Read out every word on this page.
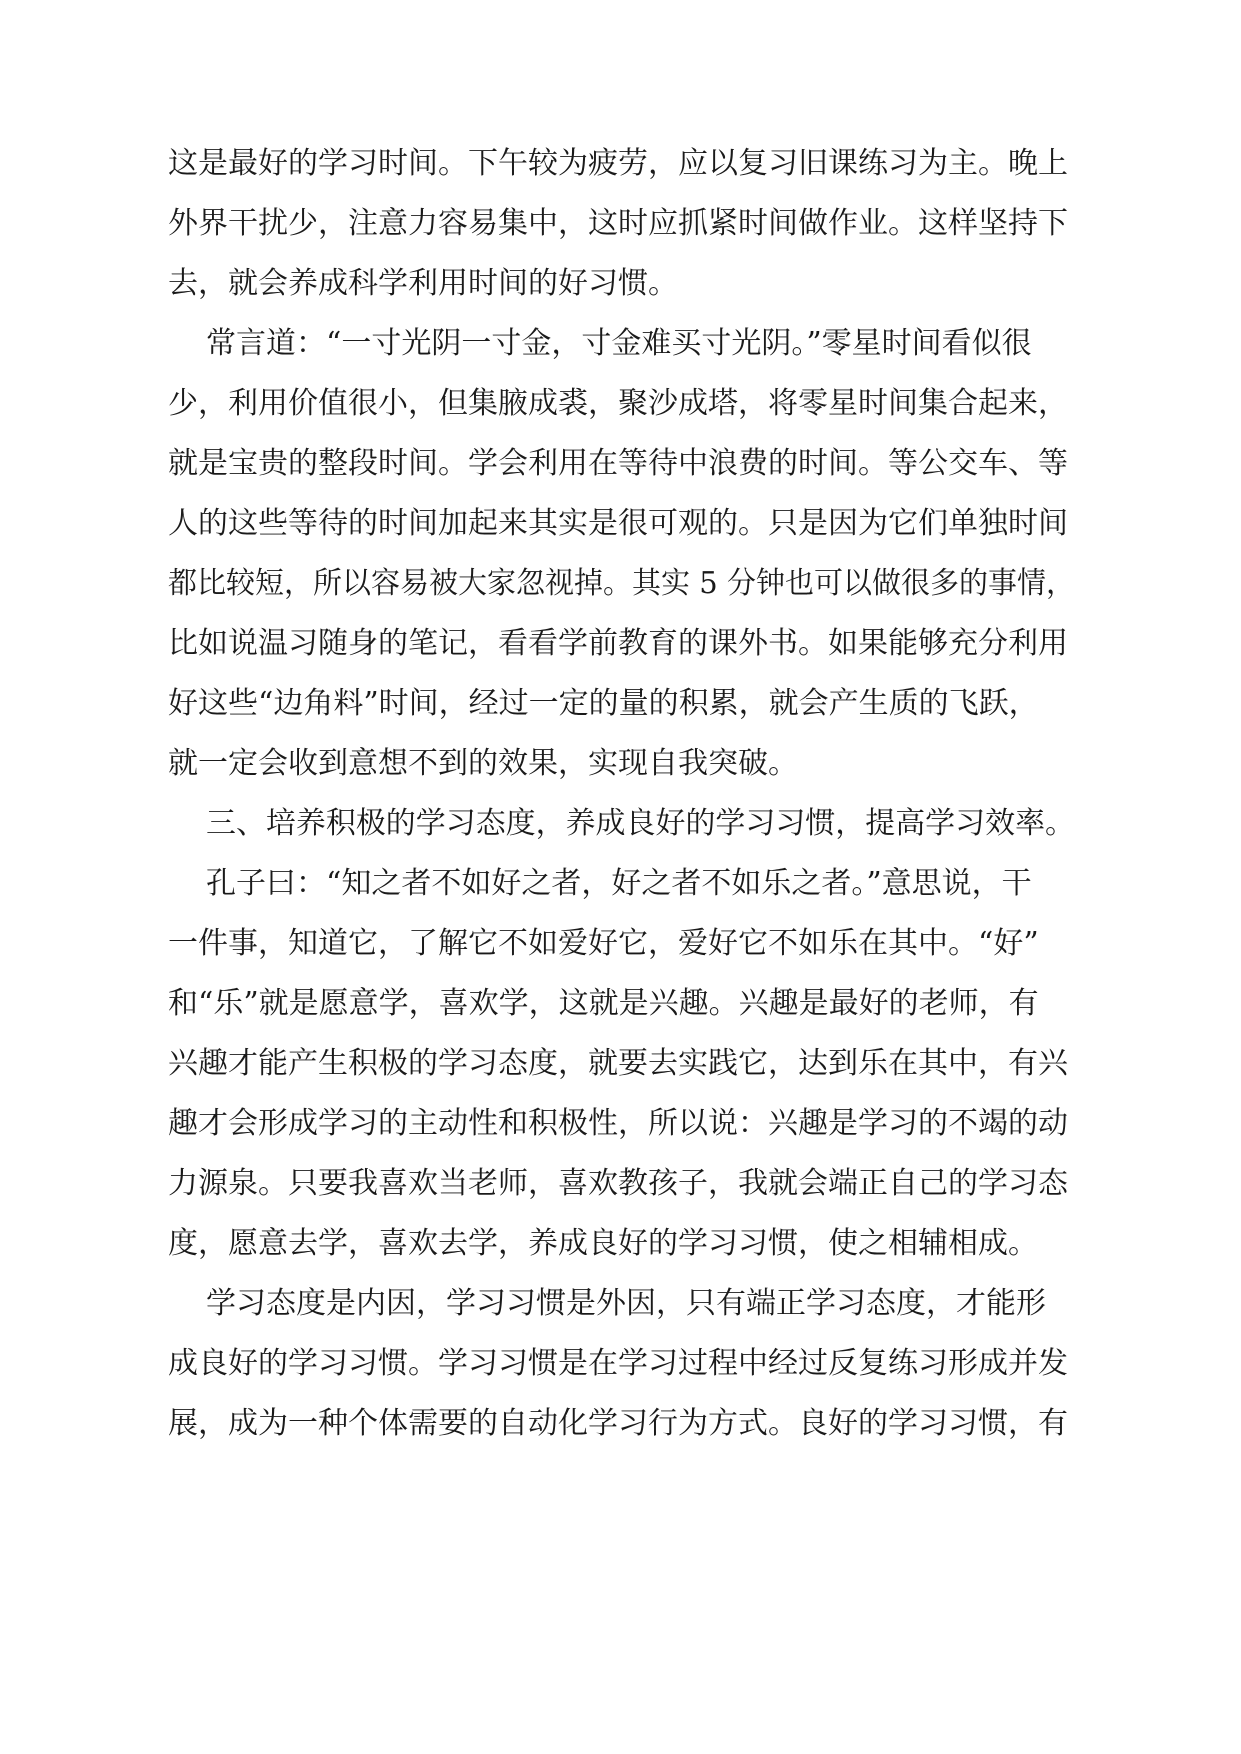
这是最好的学习时间。下午较为疲劳，应以复习旧课练习为主。晚上
外界干扰少，注意力容易集中，这时应抓紧时间做作业。这样坚持下
去，就会养成科学利用时间的好习惯。
常言道：“一寸光阴一寸金，寸金难买寸光阴。”零星时间看似很
少，利用价值很小，但集腋成裘，聚沙成塔，将零星时间集合起来，
就是宝贵的整段时间。学会利用在等待中浪费的时间。等公交车、等
人的这些等待的时间加起来其实是很可观的。只是因为它们单独时间
都比较短，所以容易被大家忽视掉。其实 5 分钟也可以做很多的事情，
比如说温习随身的笔记，看看学前教育的课外书。如果能够充分利用
好这些“边角料”时间，经过一定的量的积累，就会产生质的飞跃，
就一定会收到意想不到的效果，实现自我突破。
三、培养积极的学习态度，养成良好的学习习惯，提高学习效率。
孔子曰：“知之者不如好之者，好之者不如乐之者。”意思说，干
一件事，知道它，了解它不如爱好它，爱好它不如乐在其中。“好”
和“乐”就是愿意学，喜欢学，这就是兴趣。兴趣是最好的老师，有
兴趣才能产生积极的学习态度，就要去实践它，达到乐在其中，有兴
趣才会形成学习的主动性和积极性，所以说：兴趣是学习的不竭的动
力源泉。只要我喜欢当老师，喜欢教孩子，我就会端正自己的学习态
度，愿意去学，喜欢去学，养成良好的学习习惯，使之相辅相成。
学习态度是内因，学习习惯是外因，只有端正学习态度，才能形
成良好的学习习惯。学习习惯是在学习过程中经过反复练习形成并发
展，成为一种个体需要的自动化学习行为方式。良好的学习习惯，有
